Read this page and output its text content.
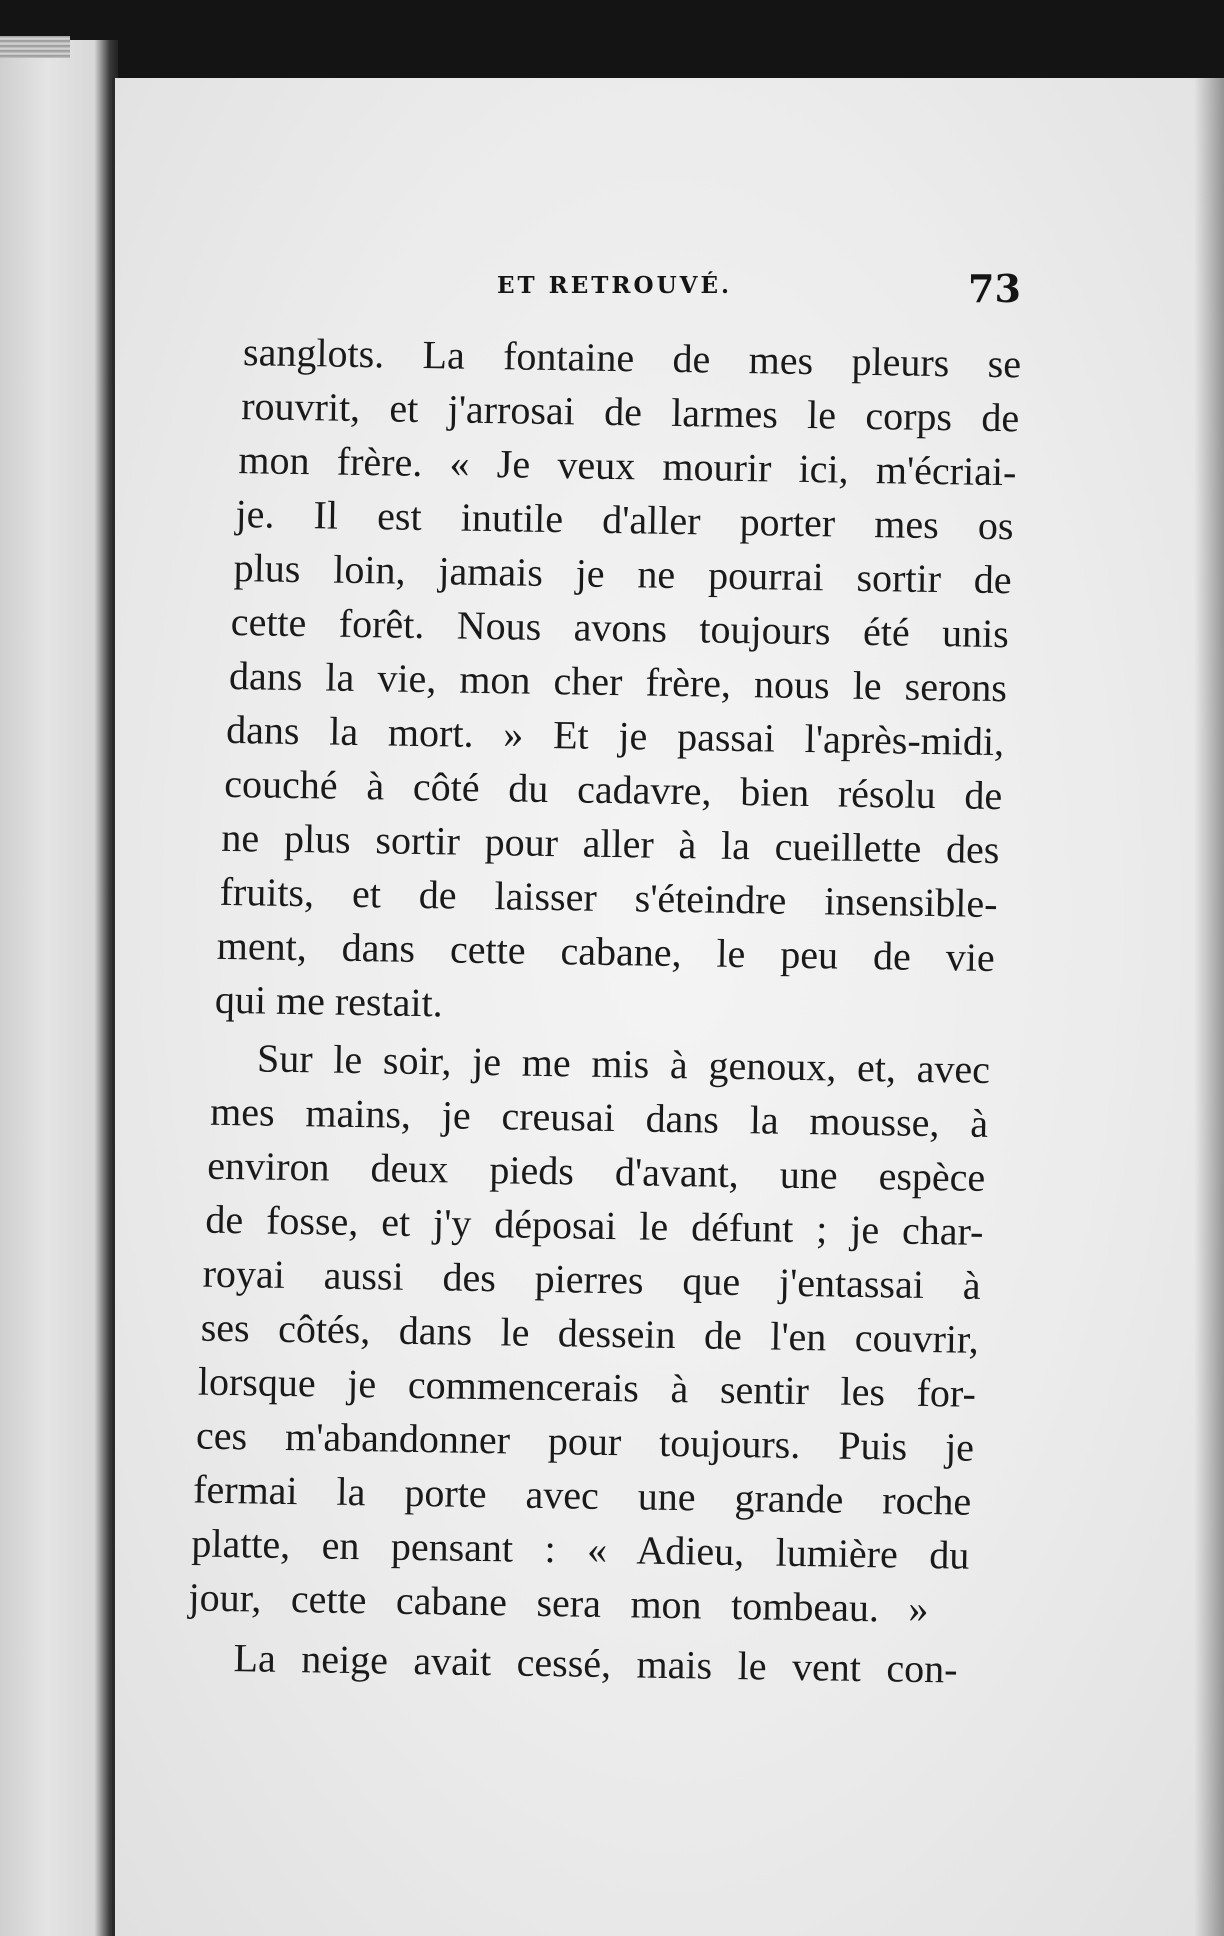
ET RETROUVÉ.	73
sanglots. La fontaine de mes pleurs se
rouvrit, et j'arrosai de larmes le corps de
mon frère. « Je veux mourir ici, m'écriai-
je. Il est inutile d'aller porter mes os
plus loin, jamais je ne pourrai sortir de
cette forêt. Nous avons toujours été unis
dans la vie, mon cher frère, nous le serons
dans la mort. » Et je passai l'après-midi,
couché à côté du cadavre, bien résolu de
ne plus sortir pour aller à la cueillette des
fruits, et de laisser s'éteindre insensible-
ment, dans cette cabane, le peu de vie
qui me restait.
Sur le soir, je me mis à genoux, et, avec
mes mains, je creusai dans la mousse, à
environ deux pieds d'avant, une espèce
de fosse, et j'y déposai le défunt ; je char-
royai aussi des pierres que j'entassai à
ses côtés, dans le dessein de l'en couvrir,
lorsque je commencerais à sentir les for-
ces m'abandonner pour toujours. Puis je
fermai la porte avec une grande roche
platte, en pensant : « Adieu, lumière du
jour, cette cabane sera mon tombeau. »
La neige avait cessé, mais le vent con-
